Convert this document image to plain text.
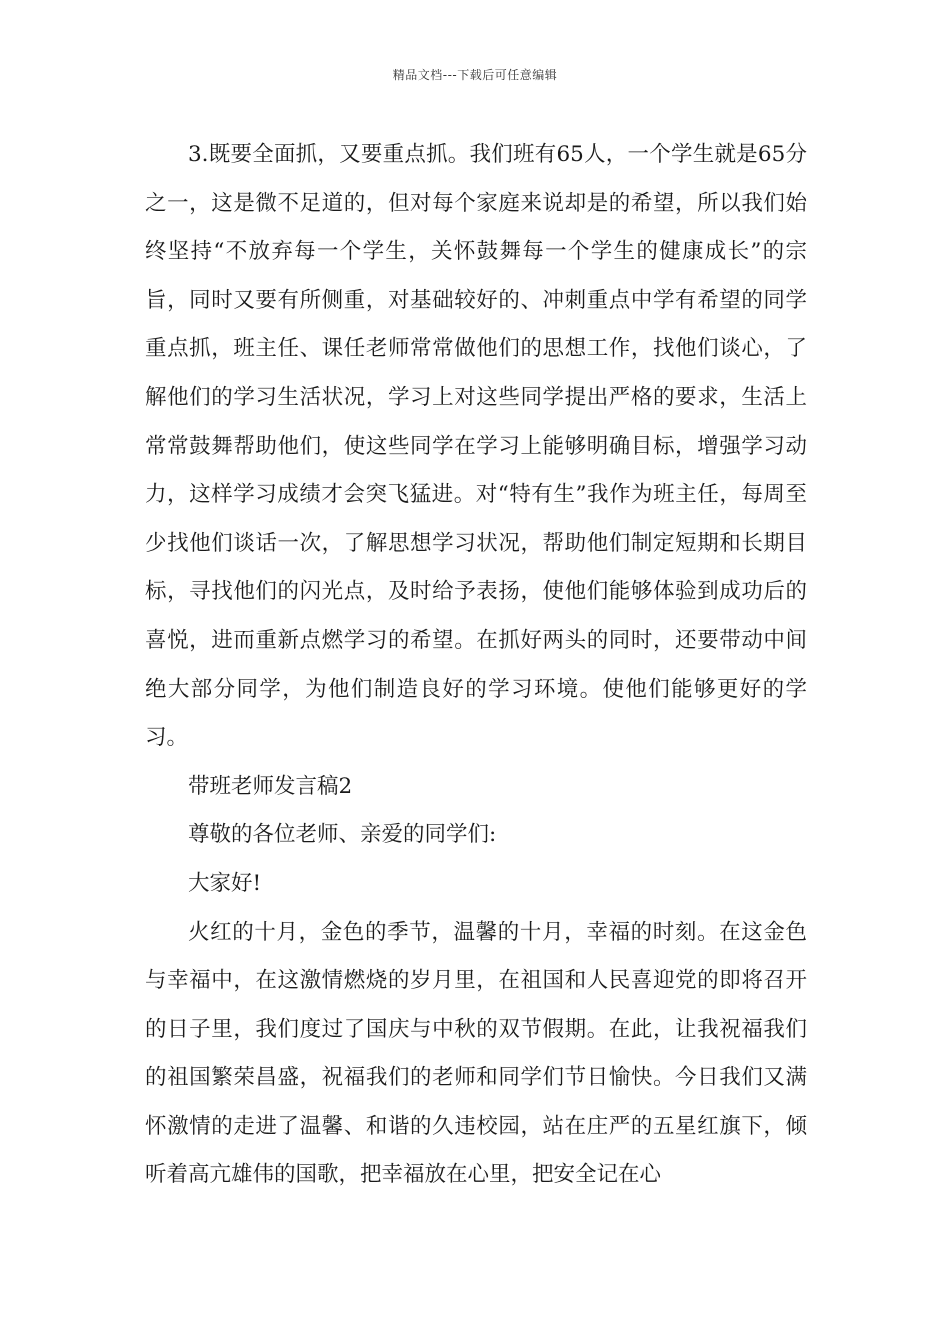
精品文档---下载后可任意编辑

3.既要全面抓，又要重点抓。我们班有65人，一个学生就是65分之一，这是微不足道的，但对每个家庭来说却是的希望，所以我们始终坚持“不放弃每一个学生，关怀鼓舞每一个学生的健康成长”的宗旨，同时又要有所侧重，对基础较好的、冲刺重点中学有希望的同学重点抓，班主任、课任老师常常做他们的思想工作，找他们谈心，了解他们的学习生活状况，学习上对这些同学提出严格的要求，生活上常常鼓舞帮助他们，使这些同学在学习上能够明确目标，增强学习动力，这样学习成绩才会突飞猛进。对“特有生”我作为班主任，每周至少找他们谈话一次，了解思想学习状况，帮助他们制定短期和长期目标，寻找他们的闪光点，及时给予表扬，使他们能够体验到成功后的喜悦，进而重新点燃学习的希望。在抓好两头的同时，还要带动中间绝大部分同学，为他们制造良好的学习环境。使他们能够更好的学习。

带班老师发言稿2

尊敬的各位老师、亲爱的同学们:

大家好!

火红的十月，金色的季节，温馨的十月，幸福的时刻。在这金色与幸福中，在这激情燃烧的岁月里，在祖国和人民喜迎党的即将召开的日子里，我们度过了国庆与中秋的双节假期。在此，让我祝福我们的祖国繁荣昌盛，祝福我们的老师和同学们节日愉快。今日我们又满怀激情的走进了温馨、和谐的久违校园，站在庄严的五星红旗下，倾听着高亢雄伟的国歌，把幸福放在心里，把安全记在心
